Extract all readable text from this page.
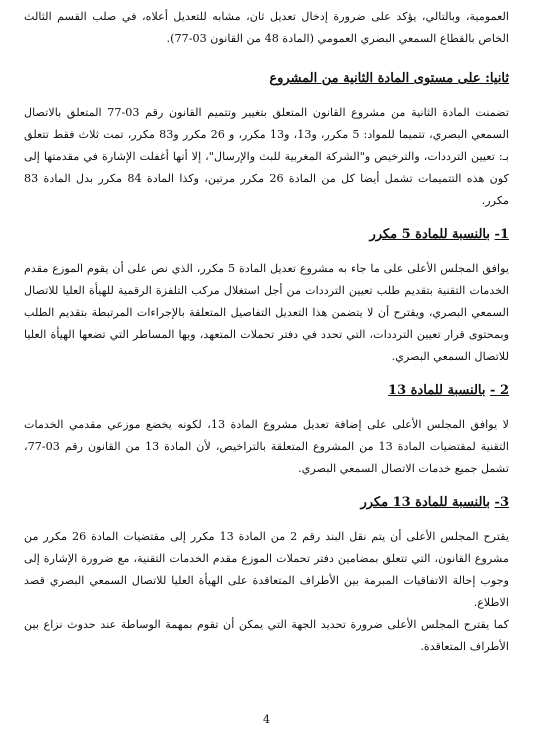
العمومية، وبالتالي، يؤكد على ضرورة إدخال تعديل ثان، مشابه للتعديل أعلاه، في صلب القسم الثالث الخاص بالقطاع السمعي البصري العمومي (المادة 48 من القانون 03-77).

ثانيا: على مستوى المادة الثانية من المشروع

تضمنت المادة الثانية من مشروع القانون المتعلق بتغيير وتتميم القانون رقم 03-77 المتعلق بالاتصال السمعي البصري، تتميما للمواد: 5 مكرر، و13، و13 مكرر، و 26 مكرر و83 مكرر، تمت ثلاث فقط تتعلق بـ: تعيين الترددات، والترخيص و"الشركة المغربية للبث والإرسال"، إلا أنها أغفلت الإشارة في مقدمتها إلى كون هذه التتميمات تشمل أيضا كل من المادة 26 مكرر مرتين، وكذا المادة 84 مكرر بدل المادة 83 مكرر.

1- بالنسبة للمادة 5 مكرر

يوافق المجلس الأعلى على ما جاء به مشروع تعديل المادة 5 مكرر، الذي نص على أن يقوم الموزع مقدم الخدمات التقنية بتقديم طلب تعيين الترددات من أجل استغلال مركب التلفزة الرقمية للهيأة العليا للاتصال السمعي البصري، ويقترح أن لا يتضمن هذا التعديل التفاصيل المتعلقة بالإجراءات المرتبطة بتقديم الطلب وبمحتوى قرار تعيين الترددات، التي تحدد في دفتر تحملات المتعهد، وبها المساطر التي تضعها الهيأة العليا للاتصال السمعي البصري.

2 - بالنسبة للمادة 13

لا يوافق المجلس الأعلى على إضافة تعديل مشروع المادة 13، لكونه يخضع موزعي مقدمي الخدمات التقنية لمقتضيات المادة 13 من المشروع المتعلقة بالتراخيص، لأن المادة 13 من القانون رقم 03-77، تشمل جميع خدمات الاتصال السمعي البصري.

3- بالنسبة للمادة 13 مكرر

يقترح المجلس الأعلى أن يتم نقل البند رقم 2 من المادة 13 مكرر إلى مقتضيات المادة 26 مكرر من مشروع القانون، التي تتعلق بمضامين دفتر تحملات الموزع مقدم الخدمات التقنية، مع ضرورة الإشارة إلى وجوب إحالة الاتفاقيات المبرمة بين الأطراف المتعاقدة على الهيأة العليا للاتصال السمعي البصري قصد الاطلاع.

كما يقترح المجلس الأعلى ضرورة تحديد الجهة التي يمكن أن تقوم بمهمة الوساطة عند حدوث نزاع بين الأطراف المتعاقدة.

4
